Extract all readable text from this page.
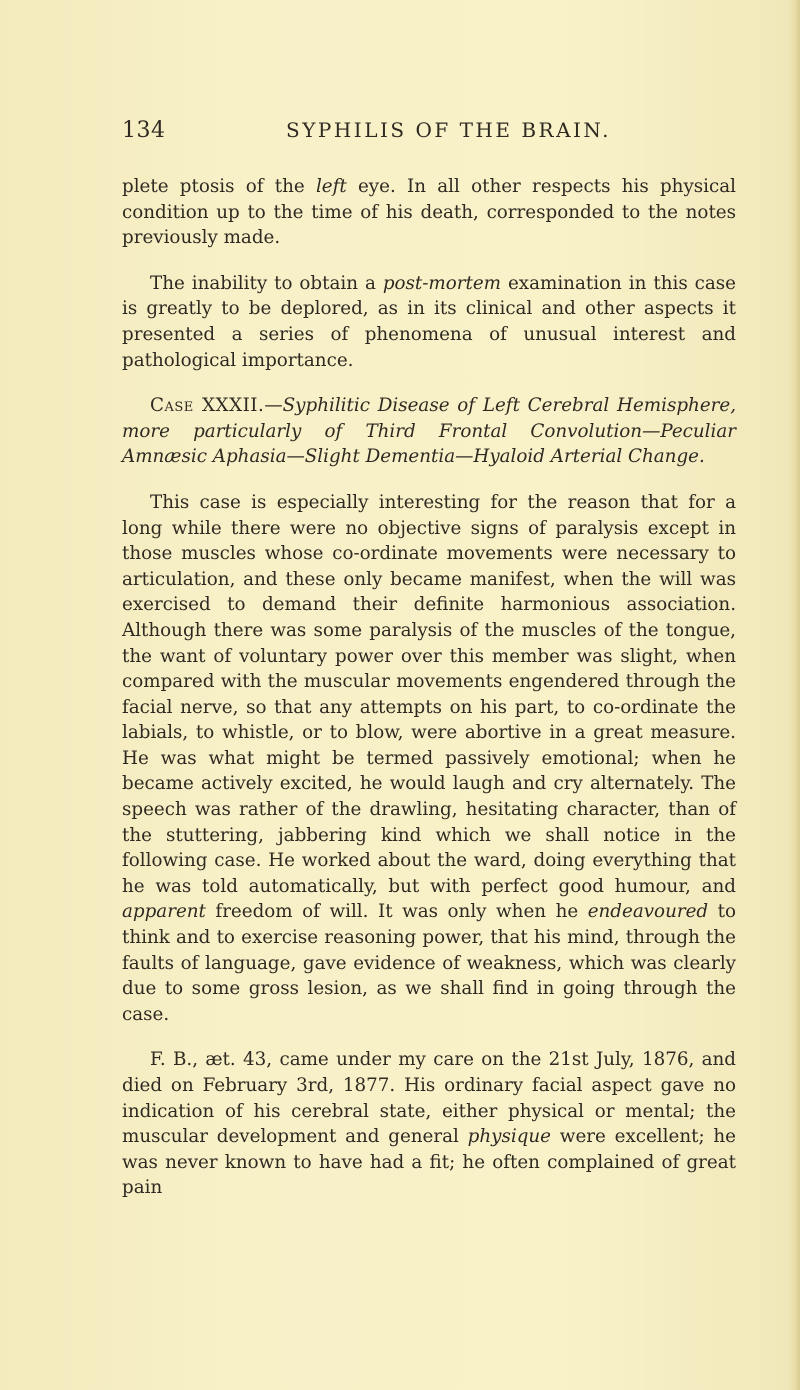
134	SYPHILIS OF THE BRAIN.

plete ptosis of the left eye. In all other respects his physical condition up to the time of his death, corresponded to the notes previously made.

The inability to obtain a post-mortem examination in this case is greatly to be deplored, as in its clinical and other aspects it presented a series of phenomena of unusual interest and pathological importance.

Case XXXII.—Syphilitic Disease of Left Cerebral Hemisphere, more particularly of Third Frontal Convolution—Peculiar Amnæsic Aphasia—Slight Dementia—Hyaloid Arterial Change.

This case is especially interesting for the reason that for a long while there were no objective signs of paralysis except in those muscles whose co-ordinate movements were necessary to articulation, and these only became manifest, when the will was exercised to demand their definite harmonious association. Although there was some paralysis of the muscles of the tongue, the want of voluntary power over this member was slight, when compared with the muscular movements engendered through the facial nerve, so that any attempts on his part, to co-ordinate the labials, to whistle, or to blow, were abortive in a great measure. He was what might be termed passively emotional; when he became actively excited, he would laugh and cry alternately. The speech was rather of the drawling, hesitating character, than of the stuttering, jabbering kind which we shall notice in the following case. He worked about the ward, doing everything that he was told automatically, but with perfect good humour, and apparent freedom of will. It was only when he endeavoured to think and to exercise reasoning power, that his mind, through the faults of language, gave evidence of weakness, which was clearly due to some gross lesion, as we shall find in going through the case.

F. B., æt. 43, came under my care on the 21st July, 1876, and died on February 3rd, 1877. His ordinary facial aspect gave no indication of his cerebral state, either physical or mental; the muscular development and general physique were excellent; he was never known to have had a fit; he often complained of great pain
